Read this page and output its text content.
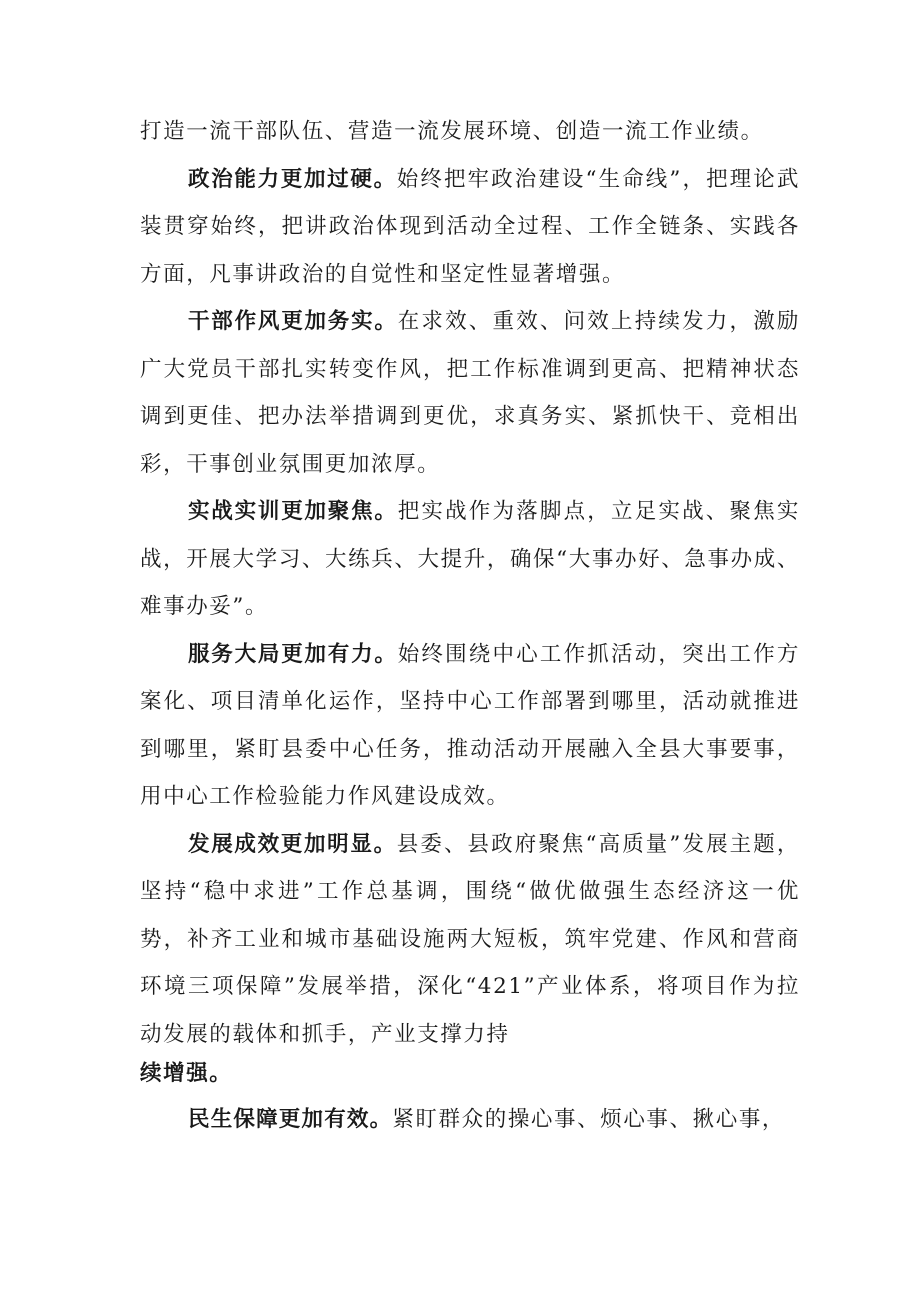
打造一流干部队伍、营造一流发展环境、创造一流工作业绩。

政治能力更加过硬。始终把牢政治建设“生命线”，把理论武装贯穿始终，把讲政治体现到活动全过程、工作全链条、实践各方面，凡事讲政治的自觉性和坚定性显著增强。

干部作风更加务实。在求效、重效、问效上持续发力，激励广大党员干部扎实转变作风，把工作标准调到更高、把精神状态调到更佳、把办法举措调到更优，求真务实、紧抓快干、竞相出彩，干事创业氛围更加浓厚。

实战实训更加聚焦。把实战作为落脚点，立足实战、聚焦实战，开展大学习、大练兵、大提升，确保“大事办好、急事办成、难事办妥”。

服务大局更加有力。始终围绕中心工作抓活动，突出工作方案化、项目清单化运作，坚持中心工作部署到哪里，活动就推进到哪里，紧盯县委中心任务，推动活动开展融入全县大事要事，用中心工作检验能力作风建设成效。

发展成效更加明显。县委、县政府聚焦“高质量”发展主题，坚持“稳中求进”工作总基调，围绕“做优做强生态经济这一优势，补齐工业和城市基础设施两大短板，筑牢党建、作风和营商环境三项保障”发展举措，深化“421”产业体系，将项目作为拉动发展的载体和抓手，产业支撑力持
续增强。

民生保障更加有效。紧盯群众的操心事、烦心事、揪心事，
